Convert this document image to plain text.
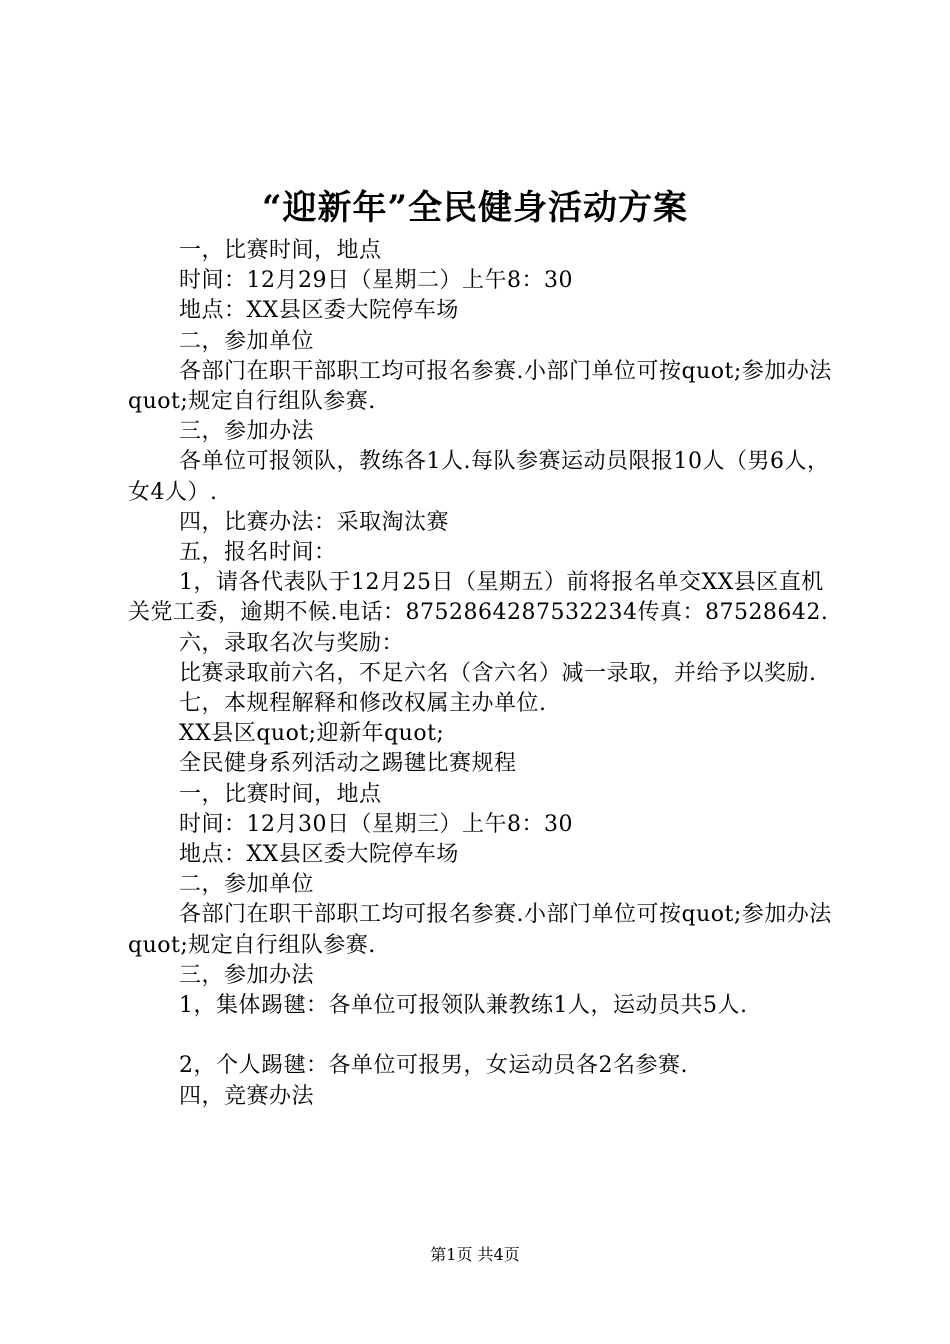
“迎新年”全民健身活动方案
一，比赛时间，地点
时间：12月29日（星期二）上午8：30
地点：XX县区委大院停车场
二，参加单位
各部门在职干部职工均可报名参赛.小部门单位可按quot;参加办法quot;规定自行组队参赛.
三，参加办法
各单位可报领队，教练各1人.每队参赛运动员限报10人（男6人，女4人）.
四，比赛办法：采取淘汰赛
五，报名时间：
1，请各代表队于12月25日（星期五）前将报名单交XX县区直机关党工委，逾期不候.电话：8752864287532234传真：87528642.
六，录取名次与奖励：
比赛录取前六名，不足六名（含六名）减一录取，并给予以奖励.
七，本规程解释和修改权属主办单位.
XX县区quot;迎新年quot;
全民健身系列活动之踢毽比赛规程
一，比赛时间，地点
时间：12月30日（星期三）上午8：30
地点：XX县区委大院停车场
二，参加单位
各部门在职干部职工均可报名参赛.小部门单位可按quot;参加办法quot;规定自行组队参赛.
三，参加办法
1，集体踢毽：各单位可报领队兼教练1人，运动员共5人.
2，个人踢毽：各单位可报男，女运动员各2名参赛.
四，竞赛办法
第1页 共4页
